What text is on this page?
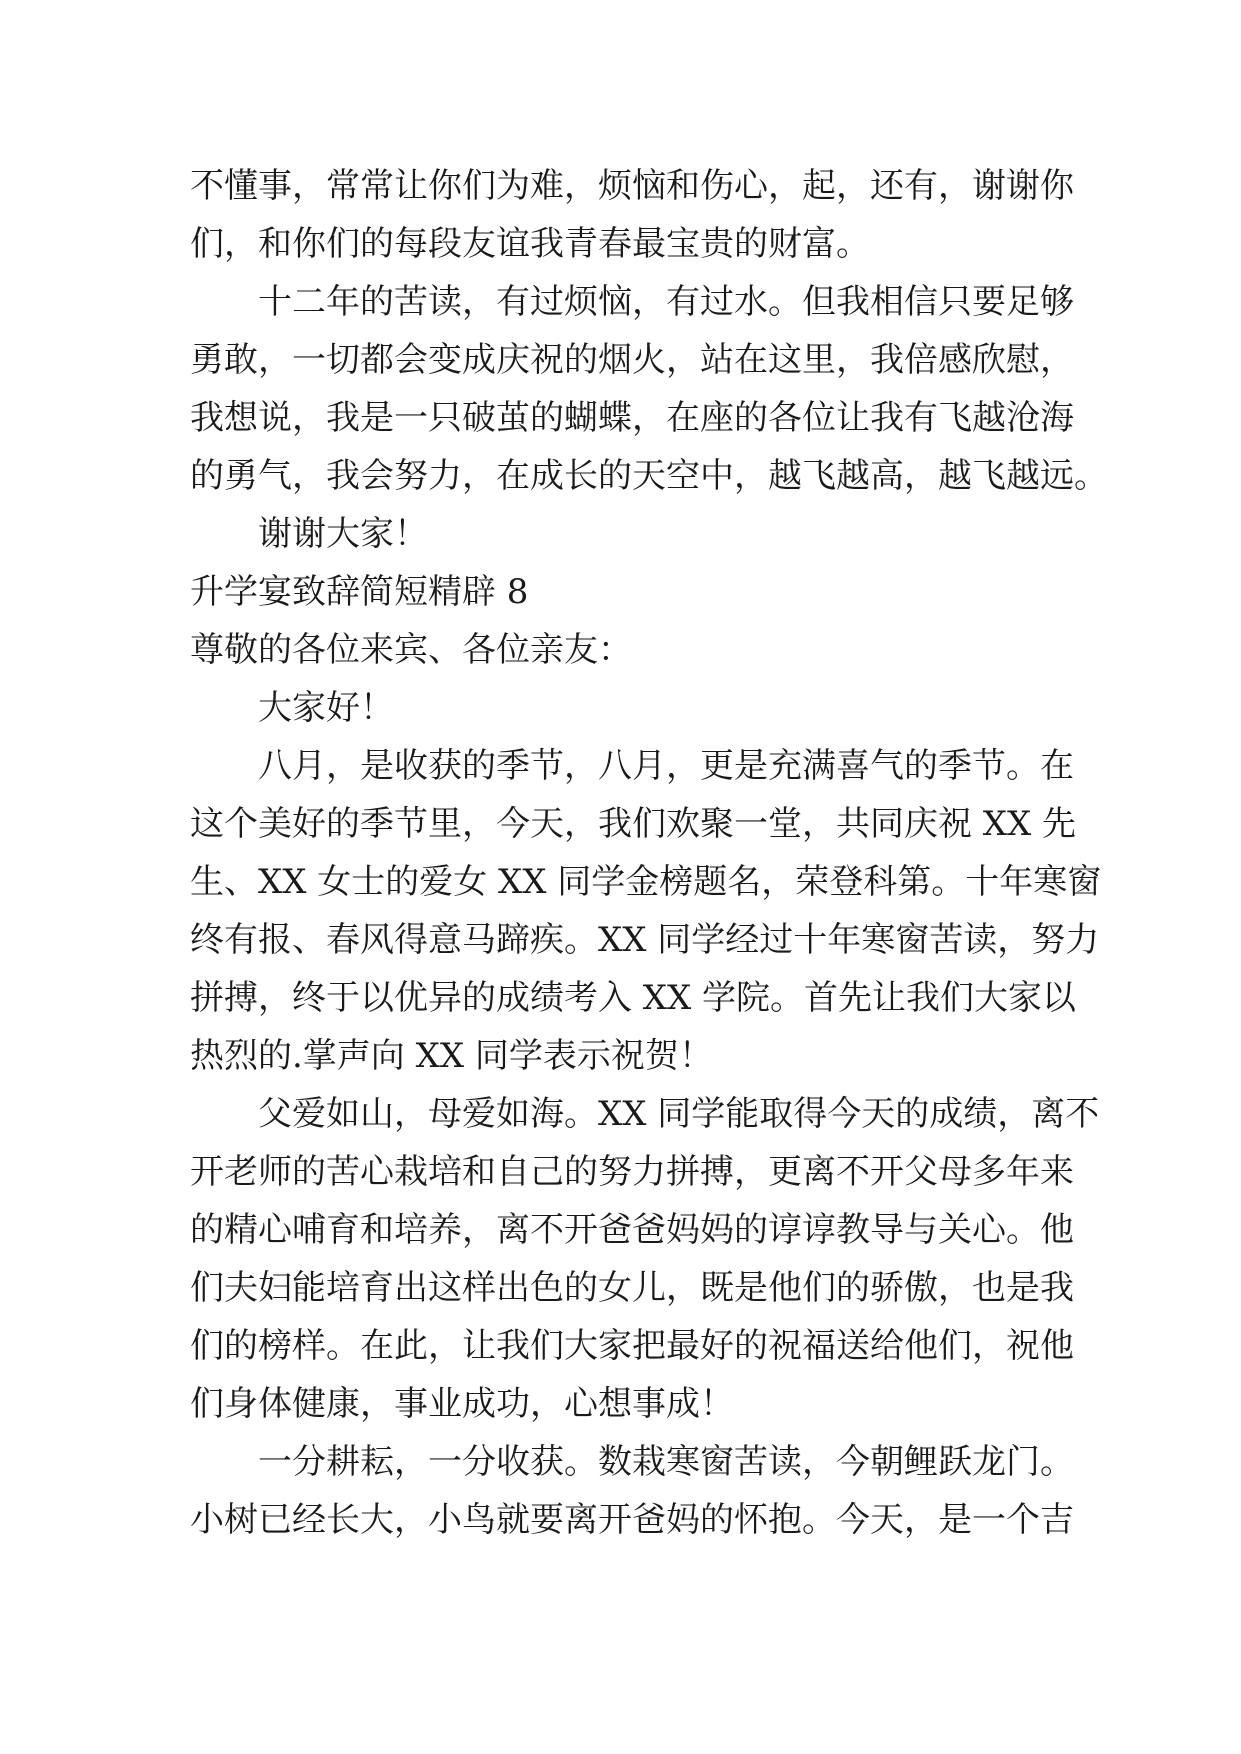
不懂事，常常让你们为难，烦恼和伤心，起，还有，谢谢你
们，和你们的每段友谊我青春最宝贵的财富。
十二年的苦读，有过烦恼，有过水。但我相信只要足够
勇敢，一切都会变成庆祝的烟火，站在这里，我倍感欣慰，
我想说，我是一只破茧的蝴蝶，在座的各位让我有飞越沧海
的勇气，我会努力，在成长的天空中，越飞越高，越飞越远。
谢谢大家！
升学宴致辞简短精辟 8
尊敬的各位来宾、各位亲友：
大家好！
八月，是收获的季节，八月，更是充满喜气的季节。在
这个美好的季节里，今天，我们欢聚一堂，共同庆祝 XX 先
生、XX 女士的爱女 XX 同学金榜题名，荣登科第。十年寒窗
终有报、春风得意马蹄疾。XX 同学经过十年寒窗苦读，努力
拼搏，终于以优异的成绩考入 XX 学院。首先让我们大家以
热烈的.掌声向 XX 同学表示祝贺！
父爱如山，母爱如海。XX 同学能取得今天的成绩，离不
开老师的苦心栽培和自己的努力拼搏，更离不开父母多年来
的精心哺育和培养，离不开爸爸妈妈的谆谆教导与关心。他
们夫妇能培育出这样出色的女儿，既是他们的骄傲，也是我
们的榜样。在此，让我们大家把最好的祝福送给他们，祝他
们身体健康，事业成功，心想事成！
一分耕耘，一分收获。数栽寒窗苦读，今朝鲤跃龙门。
小树已经长大，小鸟就要离开爸妈的怀抱。今天，是一个吉
